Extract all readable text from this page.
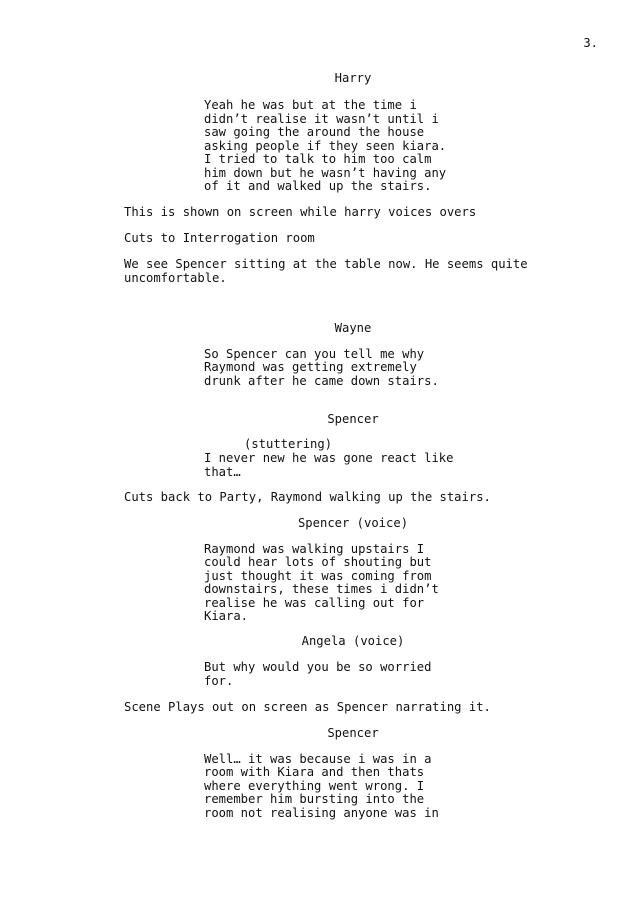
3.
Harry
Yeah he was but at the time i
didn’t realise it wasn’t until i
saw going the around the house
asking people if they seen kiara.
I tried to talk to him too calm
him down but he wasn’t having any
of it and walked up the stairs.
This is shown on screen while harry voices overs
Cuts to Interrogation room
We see Spencer sitting at the table now. He seems quite
uncomfortable.
Wayne
So Spencer can you tell me why
Raymond was getting extremely
drunk after he came down stairs.
Spencer
(stuttering)
I never new he was gone react like
that…
Cuts back to Party, Raymond walking up the stairs.
Spencer (voice)
Raymond was walking upstairs I
could hear lots of shouting but
just thought it was coming from
downstairs, these times i didn’t
realise he was calling out for
Kiara.
Angela (voice)
But why would you be so worried
for.
Scene Plays out on screen as Spencer narrating it.
Spencer
Well… it was because i was in a
room with Kiara and then thats
where everything went wrong. I
remember him bursting into the
room not realising anyone was in
